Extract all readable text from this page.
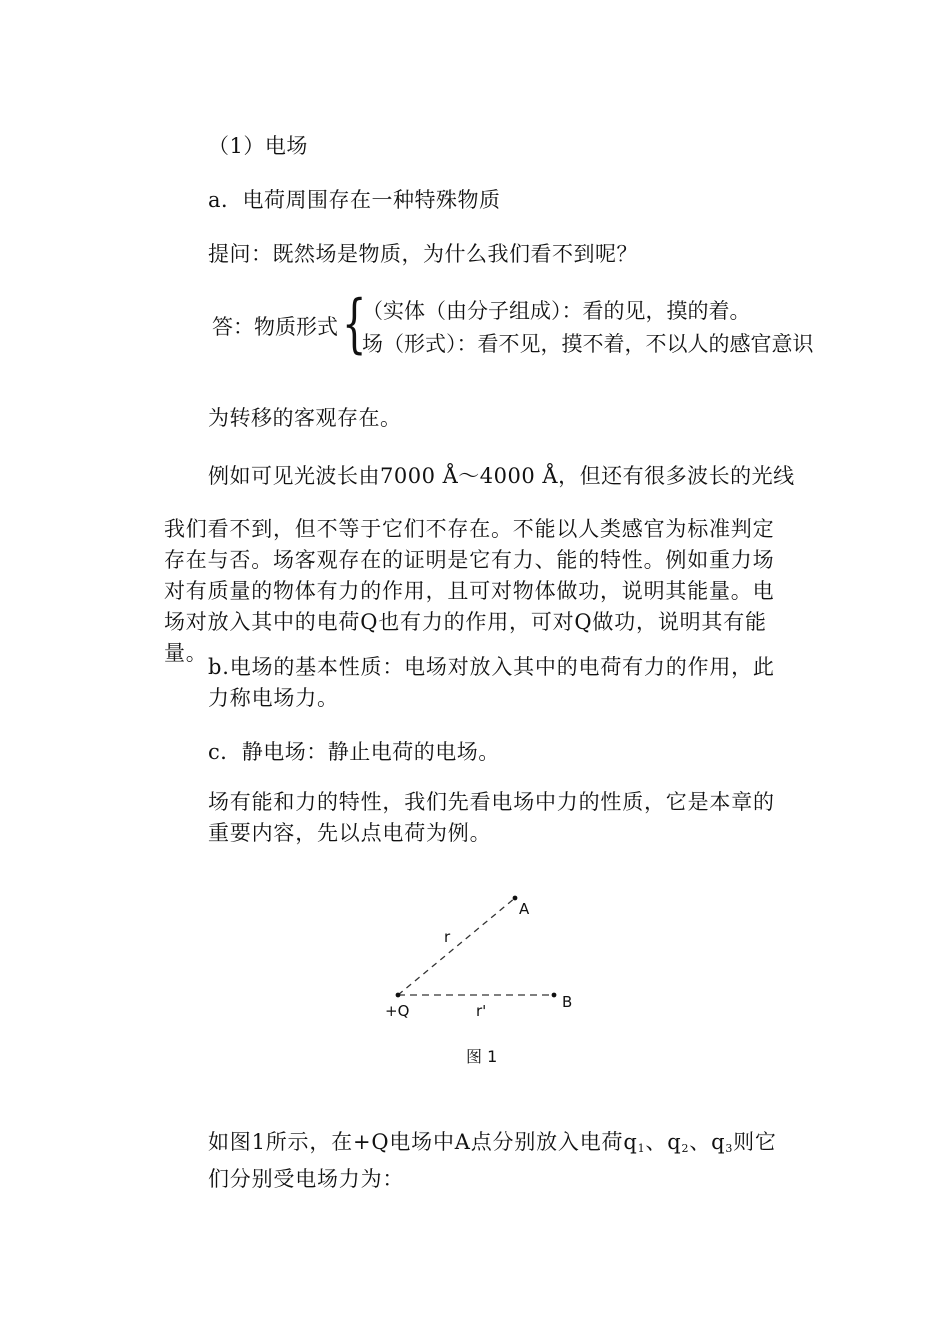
（1）电场
a．电荷周围存在一种特殊物质
提问：既然场是物质，为什么我们看不到呢？
答：物质形式 {
（实体（由分子组成）：看的见，摸的着。
场（形式）：看不见，摸不着，不以人的感官意识
为转移的客观存在。
例如可见光波长由7000 Å～4000 Å，但还有很多波长的光线

我们看不到，但不等于它们不存在。不能以人类感官为标准判定存在与否。场客观存在的证明是它有力、能的特性。例如重力场对有质量的物体有力的作用，且可对物体做功，说明其能量。电场对放入其中的电荷Q也有力的作用，可对Q做功，说明其有能量。

b.电场的基本性质：电场对放入其中的电荷有力的作用，此力称电场力。

c．静电场：静止电荷的电场。

场有能和力的特性，我们先看电场中力的性质，它是本章的重要内容，先以点电荷为例。

A
B
+Q
r
r'
图 1

如图1所示，在+Q电场中A点分别放入电荷$q_1$、$q_2$、$q_3$则它们分别受电场力为：
